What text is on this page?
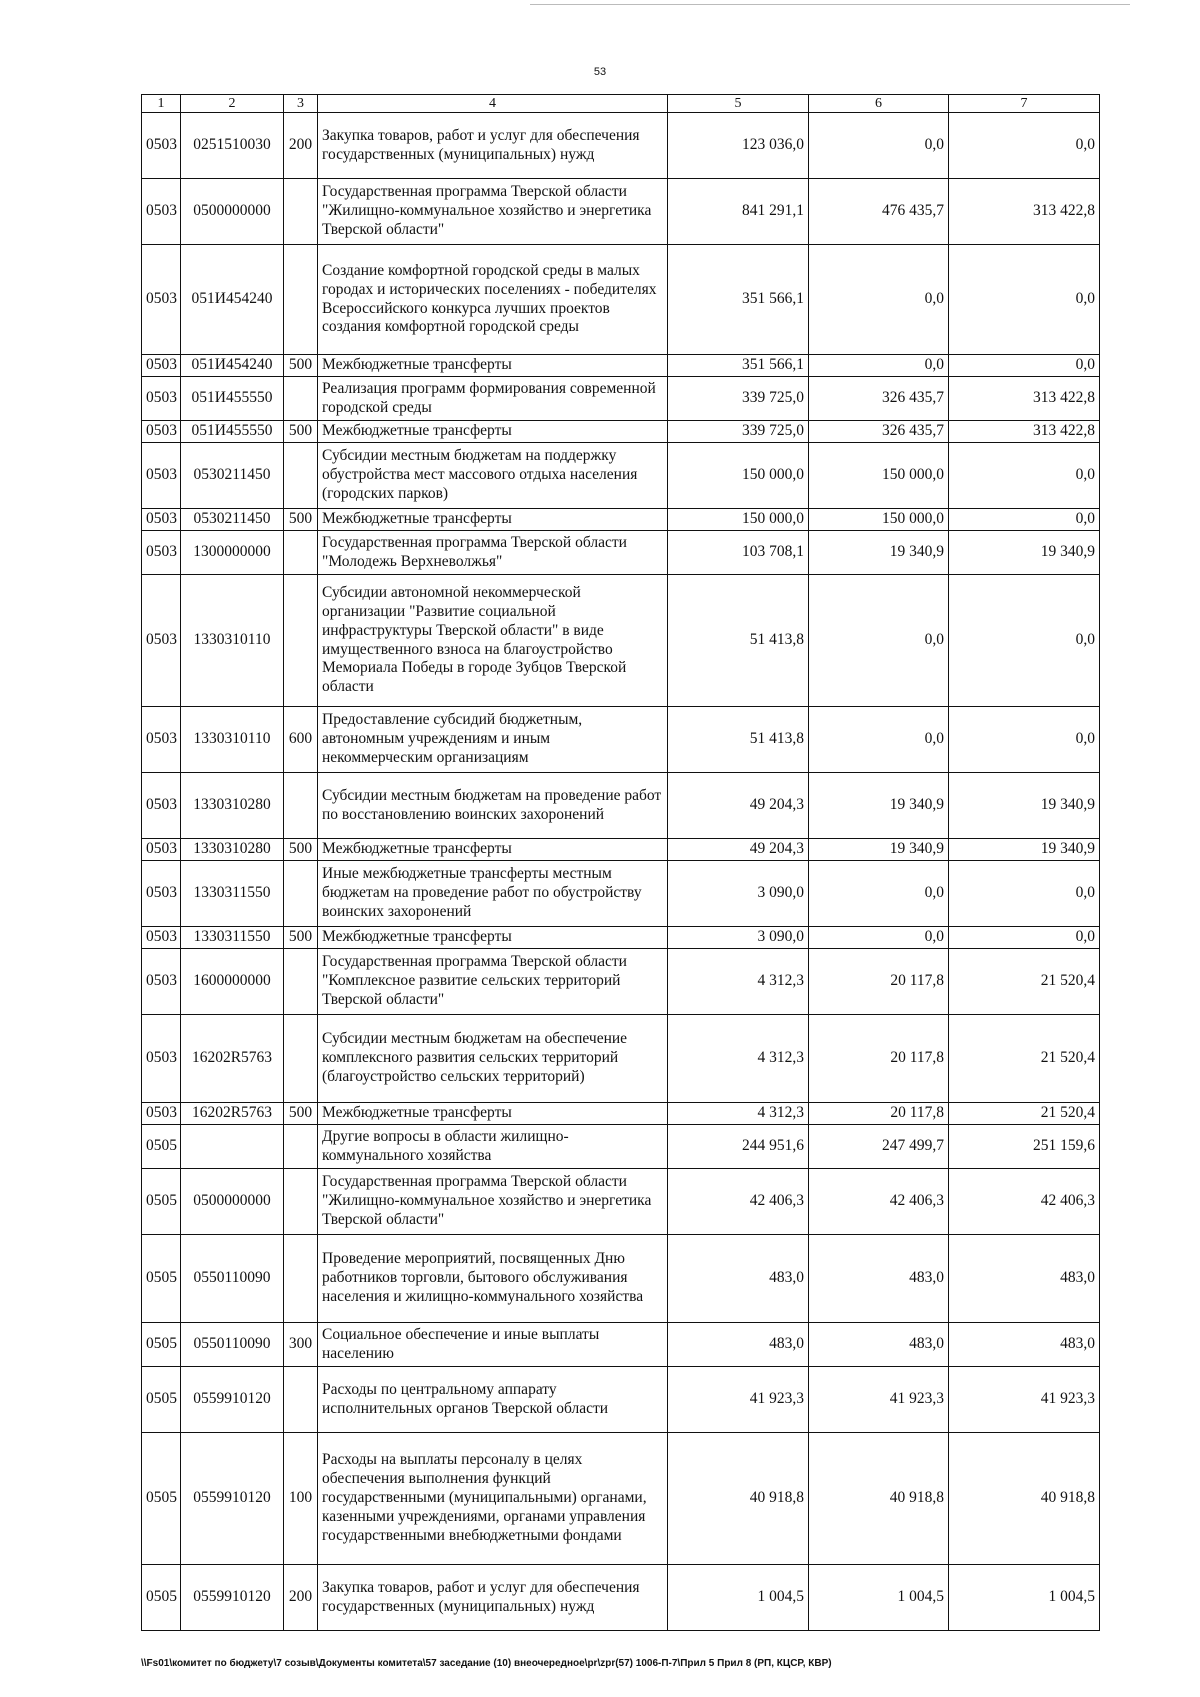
53
1	2	3	4	5	6	7
0503	0251510030	200	Закупка товаров, работ и услуг для обеспечения государственных (муниципальных) нужд	123 036,0	0,0	0,0
0503	0500000000		Государственная программа Тверской области "Жилищно-коммунальное хозяйство и энергетика Тверской области"	841 291,1	476 435,7	313 422,8
0503	051И454240		Создание комфортной городской среды в малых городах и исторических поселениях - победителях Всероссийского конкурса лучших проектов создания комфортной городской среды	351 566,1	0,0	0,0
0503	051И454240	500	Межбюджетные трансферты	351 566,1	0,0	0,0
0503	051И455550		Реализация программ формирования современной городской среды	339 725,0	326 435,7	313 422,8
0503	051И455550	500	Межбюджетные трансферты	339 725,0	326 435,7	313 422,8
0503	0530211450		Субсидии местным бюджетам на поддержку обустройства мест массового отдыха населения (городских парков)	150 000,0	150 000,0	0,0
0503	0530211450	500	Межбюджетные трансферты	150 000,0	150 000,0	0,0
0503	1300000000		Государственная программа Тверской области "Молодежь Верхневолжья"	103 708,1	19 340,9	19 340,9
0503	1330310110		Субсидии автономной некоммерческой организации "Развитие социальной инфраструктуры Тверской области" в виде имущественного взноса на благоустройство Мемориала Победы в городе Зубцов Тверской области	51 413,8	0,0	0,0
0503	1330310110	600	Предоставление субсидий бюджетным, автономным учреждениям и иным некоммерческим организациям	51 413,8	0,0	0,0
0503	1330310280		Субсидии местным бюджетам на проведение работ по восстановлению воинских захоронений	49 204,3	19 340,9	19 340,9
0503	1330310280	500	Межбюджетные трансферты	49 204,3	19 340,9	19 340,9
0503	1330311550		Иные межбюджетные трансферты местным бюджетам на проведение работ по обустройству воинских захоронений	3 090,0	0,0	0,0
0503	1330311550	500	Межбюджетные трансферты	3 090,0	0,0	0,0
0503	1600000000		Государственная программа Тверской области "Комплексное развитие сельских территорий Тверской области"	4 312,3	20 117,8	21 520,4
0503	16202R5763		Субсидии местным бюджетам на обеспечение комплексного развития сельских территорий (благоустройство сельских территорий)	4 312,3	20 117,8	21 520,4
0503	16202R5763	500	Межбюджетные трансферты	4 312,3	20 117,8	21 520,4
0505			Другие вопросы в области жилищно-коммунального хозяйства	244 951,6	247 499,7	251 159,6
0505	0500000000		Государственная программа Тверской области "Жилищно-коммунальное хозяйство и энергетика Тверской области"	42 406,3	42 406,3	42 406,3
0505	0550110090		Проведение мероприятий, посвященных Дню работников торговли, бытового обслуживания населения и жилищно-коммунального хозяйства	483,0	483,0	483,0
0505	0550110090	300	Социальное обеспечение и иные выплаты населению	483,0	483,0	483,0
0505	0559910120		Расходы по центральному аппарату исполнительных органов Тверской области	41 923,3	41 923,3	41 923,3
0505	0559910120	100	Расходы на выплаты персоналу в целях обеспечения выполнения функций государственными (муниципальными) органами, казенными учреждениями, органами управления государственными внебюджетными фондами	40 918,8	40 918,8	40 918,8
0505	0559910120	200	Закупка товаров, работ и услуг для обеспечения государственных (муниципальных) нужд	1 004,5	1 004,5	1 004,5
\\Fs01\комитет по бюджету\7 созыв\Документы комитета\57 заседание (10) внеочередное\pr\zpr(57) 1006-П-7\Прил 5 Прил 8 (РП, КЦСР, КВР)
